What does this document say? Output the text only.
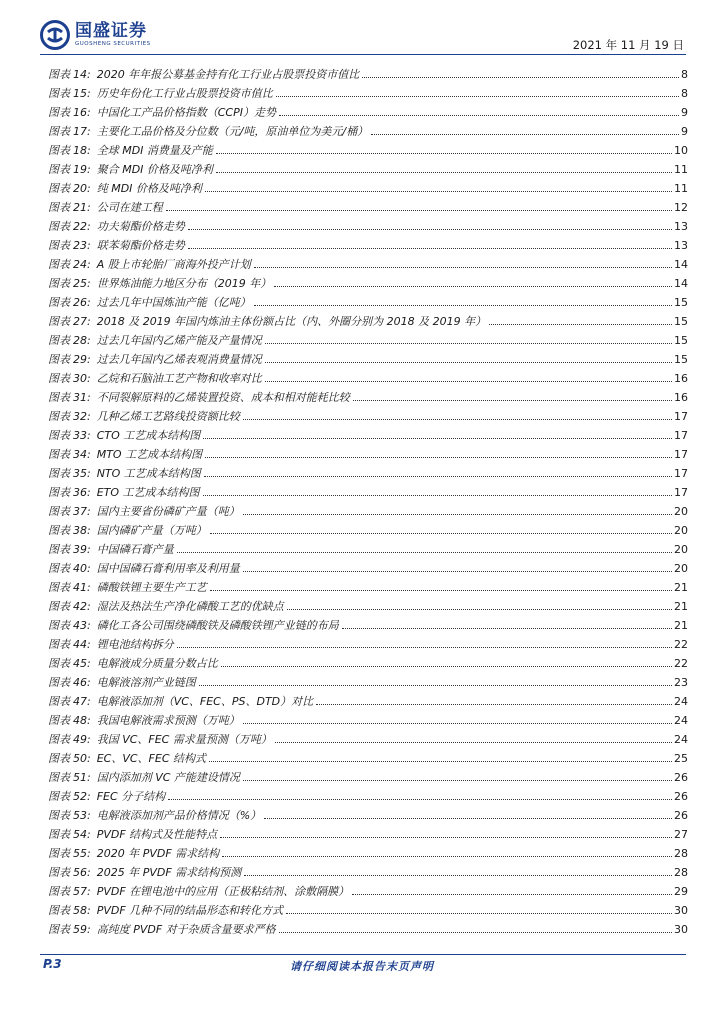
国盛证券
GUOSHENG SECURITIES	2021 年 11 月 19 日
图表 14: 2020 年年报公募基金持有化工行业占股票投资市值比	8
图表 15: 历史年份化工行业占股票投资市值比	8
图表 16: 中国化工产品价格指数（CCPI）走势	9
图表 17: 主要化工品价格及分位数（元/吨，原油单位为美元/桶）	9
图表 18: 全球 MDI 消费量及产能	10
图表 19: 聚合 MDI 价格及吨净利	11
图表 20: 纯 MDI 价格及吨净利	11
图表 21: 公司在建工程	12
图表 22: 功夫菊酯价格走势	13
图表 23: 联苯菊酯价格走势	13
图表 24: A 股上市轮胎厂商海外投产计划	14
图表 25: 世界炼油能力地区分布（2019 年）	14
图表 26: 过去几年中国炼油产能（亿吨）	15
图表 27: 2018 及 2019 年国内炼油主体份额占比（内、外圈分别为 2018 及 2019 年）	15
图表 28: 过去几年国内乙烯产能及产量情况	15
图表 29: 过去几年国内乙烯表观消费量情况	15
图表 30: 乙烷和石脑油工艺产物和收率对比	16
图表 31: 不同裂解原料的乙烯装置投资、成本和相对能耗比较	16
图表 32: 几种乙烯工艺路线投资额比较	17
图表 33: CTO 工艺成本结构图	17
图表 34: MTO 工艺成本结构图	17
图表 35: NTO 工艺成本结构图	17
图表 36: ETO 工艺成本结构图	17
图表 37: 国内主要省份磷矿产量（吨）	20
图表 38: 国内磷矿产量（万吨）	20
图表 39: 中国磷石膏产量	20
图表 40: 国中国磷石膏利用率及利用量	20
图表 41: 磷酸铁锂主要生产工艺	21
图表 42: 湿法及热法生产净化磷酸工艺的优缺点	21
图表 43: 磷化工各公司围绕磷酸铁及磷酸铁锂产业链的布局	21
图表 44: 锂电池结构拆分	22
图表 45: 电解液成分质量分数占比	22
图表 46: 电解液溶剂产业链图	23
图表 47: 电解液添加剂（VC、FEC、PS、DTD）对比	24
图表 48: 我国电解液需求预测（万吨）	24
图表 49: 我国 VC、FEC 需求量预测（万吨）	24
图表 50: EC、VC、FEC 结构式	25
图表 51: 国内添加剂 VC 产能建设情况	26
图表 52: FEC 分子结构	26
图表 53: 电解液添加剂产品价格情况（%）	26
图表 54: PVDF 结构式及性能特点	27
图表 55: 2020 年 PVDF 需求结构	28
图表 56: 2025 年 PVDF 需求结构预测	28
图表 57: PVDF 在锂电池中的应用（正极粘结剂、涂敷隔膜）	29
图表 58: PVDF 几种不同的结晶形态和转化方式	30
图表 59: 高纯度 PVDF 对于杂质含量要求严格	30
P.3	请仔细阅读本报告末页声明
